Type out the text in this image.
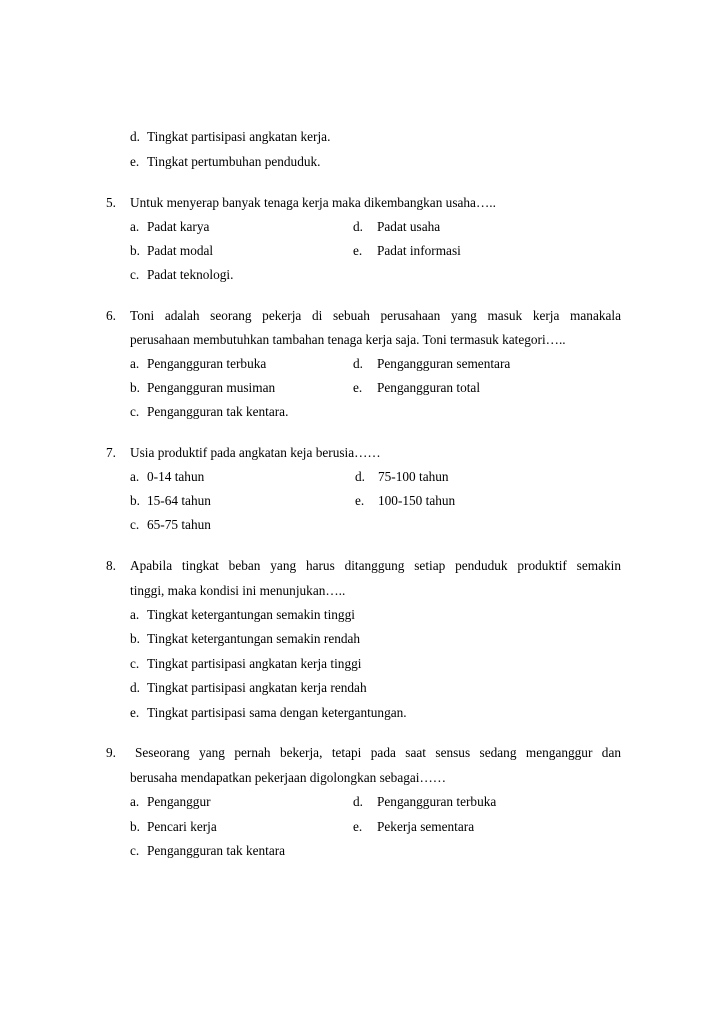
d. Tingkat partisipasi angkatan kerja.
e. Tingkat pertumbuhan penduduk.
5. Untuk menyerap banyak tenaga kerja maka dikembangkan usaha…..
a. Padat karya	d. Padat usaha
b. Padat modal	e. Padat informasi
c. Padat teknologi.
6. Toni adalah seorang pekerja di sebuah perusahaan yang masuk kerja manakala
perusahaan membutuhkan tambahan tenaga kerja saja. Toni termasuk kategori…..
a. Pengangguran terbuka	d. Pengangguran sementara
b. Pengangguran musiman	e. Pengangguran total
c. Pengangguran tak kentara.
7. Usia produktif pada angkatan keja berusia……
a. 0-14 tahun	d. 75-100 tahun
b. 15-64 tahun	e. 100-150 tahun
c. 65-75 tahun
8. Apabila tingkat beban yang harus ditanggung setiap penduduk produktif semakin
tinggi, maka kondisi ini menunjukan…..
a. Tingkat ketergantungan semakin tinggi
b. Tingkat ketergantungan semakin rendah
c. Tingkat partisipasi angkatan kerja tinggi
d. Tingkat partisipasi angkatan kerja rendah
e. Tingkat partisipasi sama dengan ketergantungan.
9. Seseorang yang pernah bekerja, tetapi pada saat sensus sedang menganggur dan
berusaha mendapatkan pekerjaan digolongkan sebagai……
a. Penganggur	d. Pengangguran terbuka
b. Pencari kerja	e. Pekerja sementara
c. Pengangguran tak kentara
